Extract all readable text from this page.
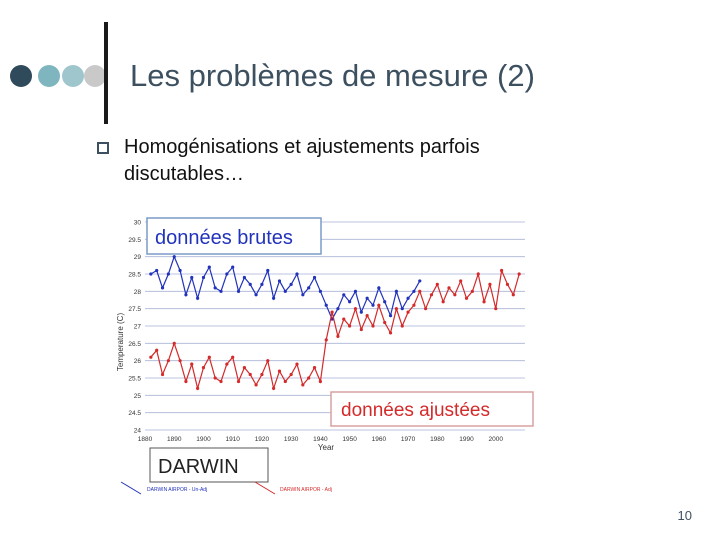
Les problèmes de mesure (2)
Homogénisations et ajustements parfois discutables…
24
24.5
25
25.5
26
26.5
27
27.5
28
28.5
29
29.5
30
1880 1890 1900 1910 1920 1930 1940 1950 1960 1970 1980 1990 2000
Temperature (C)
Year
données brutes
données ajustées
DARWIN
DARWIN AIRPOR - Un-Adj	DARWIN AIRPOR - Adj
10
